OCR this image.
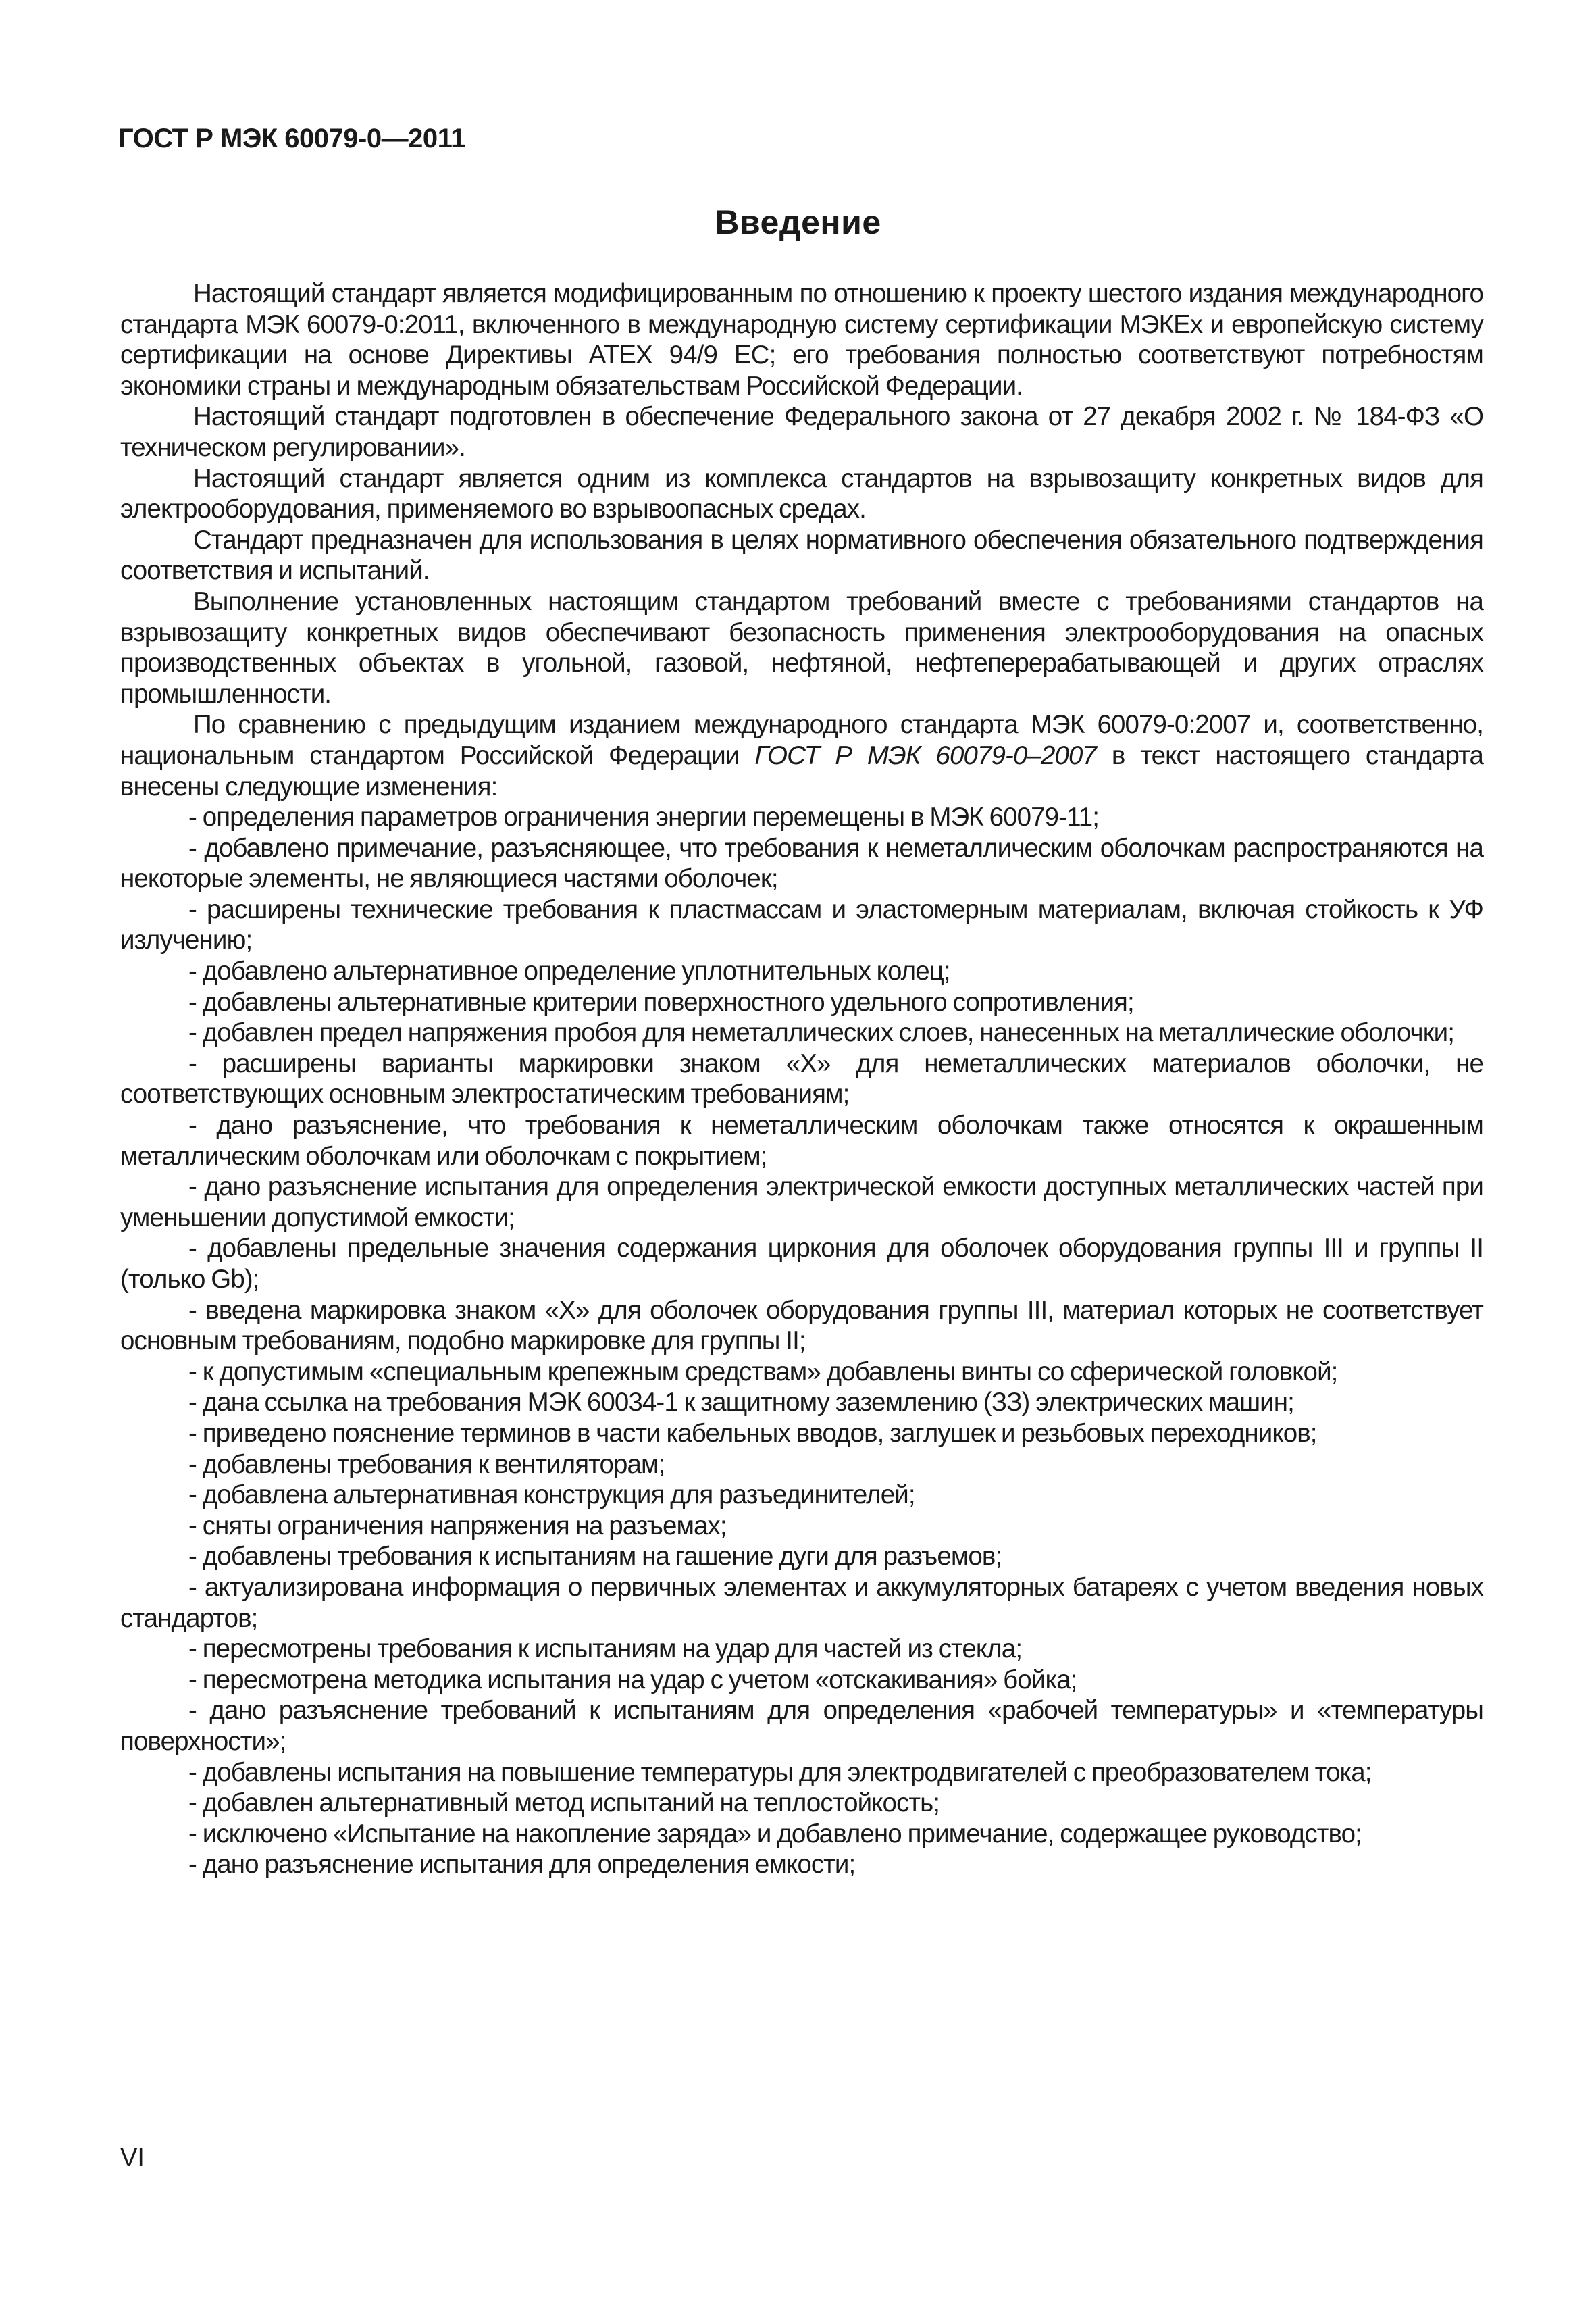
ГОСТ Р МЭК 60079-0—2011
Введение

Настоящий стандарт является модифицированным по отношению к проекту шестого издания международного стандарта МЭК 60079-0:2011, включенного в международную систему сертификации МЭКЕх и европейскую систему сертификации на основе Директивы ATEX 94/9 EC; его требования полностью соответствуют потребностям экономики страны и международным обязательствам Российской Федерации.

Настоящий стандарт подготовлен в обеспечение Федерального закона от 27 декабря 2002 г. № 184-ФЗ «О техническом регулировании».

Настоящий стандарт является одним из комплекса стандартов на взрывозащиту конкретных видов для электрооборудования, применяемого во взрывоопасных средах.

Стандарт предназначен для использования в целях нормативного обеспечения обязательного подтверждения соответствия и испытаний.

Выполнение установленных настоящим стандартом требований вместе с требованиями стандартов на взрывозащиту конкретных видов обеспечивают безопасность применения электрооборудования на опасных производственных объектах в угольной, газовой, нефтяной, нефтеперерабатывающей и других отраслях промышленности.

По сравнению с предыдущим изданием международного стандарта МЭК 60079-0:2007 и, соответственно, национальным стандартом Российской Федерации ГОСТ Р МЭК 60079-0–2007 в текст настоящего стандарта внесены следующие изменения:

- определения параметров ограничения энергии перемещены в МЭК 60079-11;

- добавлено примечание, разъясняющее, что требования к неметаллическим оболочкам распространяются на некоторые элементы, не являющиеся частями оболочек;

- расширены технические требования к пластмассам и эластомерным материалам, включая стойкость к УФ излучению;

- добавлено альтернативное определение уплотнительных колец;

- добавлены альтернативные критерии поверхностного удельного сопротивления;

- добавлен предел напряжения пробоя для неметаллических слоев, нанесенных на металлические оболочки;

- расширены варианты маркировки знаком «X» для неметаллических материалов оболочки, не соответствующих основным электростатическим требованиям;

- дано разъяснение, что требования к неметаллическим оболочкам также относятся к окрашенным металлическим оболочкам или оболочкам с покрытием;

- дано разъяснение испытания для определения электрической емкости доступных металлических частей при уменьшении допустимой емкости;

- добавлены предельные значения содержания циркония для оболочек оборудования группы III и группы II (только Gb);

- введена маркировка знаком «X» для оболочек оборудования группы III, материал которых не соответствует основным требованиям, подобно маркировке для группы II;

- к допустимым «специальным крепежным средствам» добавлены винты со сферической головкой;

- дана ссылка на требования МЭК 60034-1 к защитному заземлению (ЗЗ) электрических машин;

- приведено пояснение терминов в части кабельных вводов, заглушек и резьбовых переходников;

- добавлены требования к вентиляторам;

- добавлена альтернативная конструкция для разъединителей;

- сняты ограничения напряжения на разъемах;

- добавлены требования к испытаниям на гашение дуги для разъемов;

- актуализирована информация о первичных элементах и аккумуляторных батареях с учетом введения новых стандартов;

- пересмотрены требования к испытаниям на удар для частей из стекла;

- пересмотрена методика испытания на удар с учетом «отскакивания» бойка;

- дано разъяснение требований к испытаниям для определения «рабочей температуры» и «температуры поверхности»;

- добавлены испытания на повышение температуры для электродвигателей с преобразователем тока;

- добавлен альтернативный метод испытаний на теплостойкость;

- исключено «Испытание на накопление заряда» и добавлено примечание, содержащее руководство;

- дано разъяснение испытания для определения емкости;

VI
